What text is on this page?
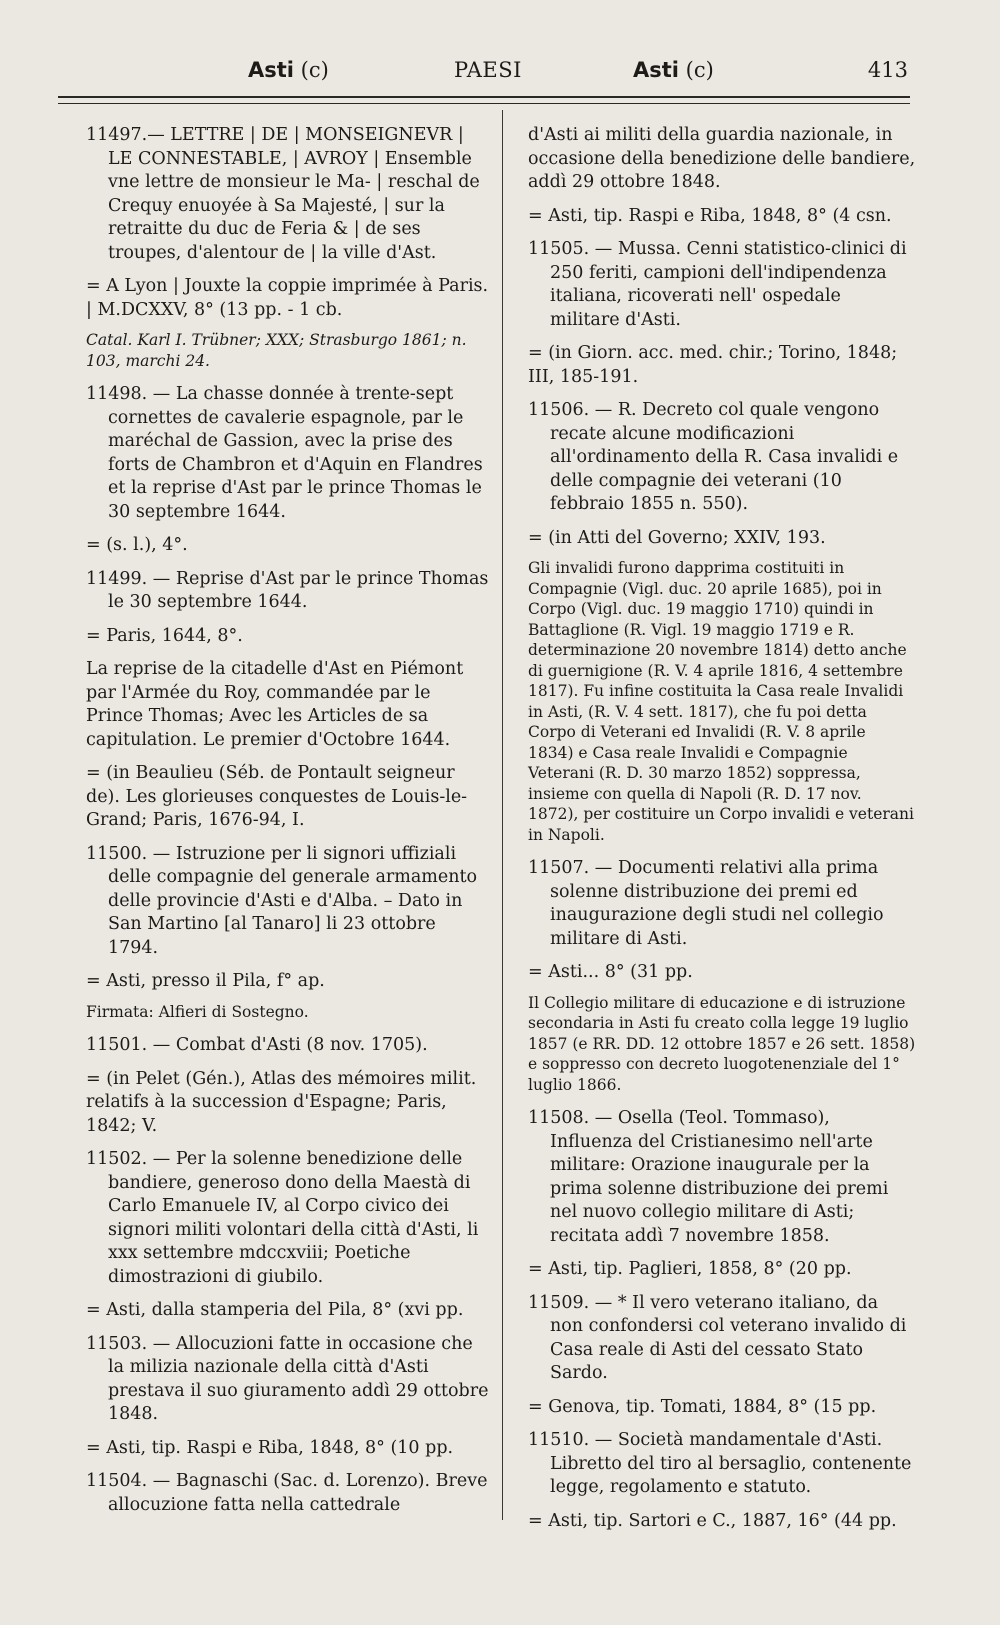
Asti (c)	PAESI	Asti (c)	413

11497.— LETTRE | DE | MONSEIGNEVR | LE CONNESTABLE, | AVROY | Ensemble vne lettre de monsieur le Ma- | reschal de Crequy enuoyée à Sa Majesté, | sur la retraitte du duc de Feria & | de ses troupes, d'alentour de | la ville d'Ast.

= A Lyon | Jouxte la coppie imprimée à Paris. | M.DCXXV, 8° (13 pp. - 1 cb.

Catal. Karl I. Trübner; XXX; Strasburgo 1861; n. 103, marchi 24.

11498. — La chasse donnée à trente-sept cornettes de cavalerie espagnole, par le maréchal de Gassion, avec la prise des forts de Chambron et d'Aquin en Flandres et la reprise d'Ast par le prince Thomas le 30 septembre 1644.

= (s. l.), 4°.

11499. — Reprise d'Ast par le prince Thomas le 30 septembre 1644.

= Paris, 1644, 8°.

La reprise de la citadelle d'Ast en Piémont par l'Armée du Roy, commandée par le Prince Thomas; Avec les Articles de sa capitulation. Le premier d'Octobre 1644.

= (in Beaulieu (Séb. de Pontault seigneur de). Les glorieuses conquestes de Louis-le-Grand; Paris, 1676-94, I.

11500. — Istruzione per li signori uffiziali delle compagnie del generale armamento delle provincie d'Asti e d'Alba. – Dato in San Martino [al Tanaro] li 23 ottobre 1794.

= Asti, presso il Pila, f° ap.

Firmata: Alfieri di Sostegno.

11501. — Combat d'Asti (8 nov. 1705).

= (in Pelet (Gén.), Atlas des mémoires milit. relatifs à la succession d'Espagne; Paris, 1842; V.

11502. — Per la solenne benedizione delle bandiere, generoso dono della Maestà di Carlo Emanuele IV, al Corpo civico dei signori militi volontari della città d'Asti, li xxx settembre mdccxviii; Poetiche dimostrazioni di giubilo.

= Asti, dalla stamperia del Pila, 8° (xvi pp.

11503. — Allocuzioni fatte in occasione che la milizia nazionale della città d'Asti prestava il suo giuramento addì 29 ottobre 1848.

= Asti, tip. Raspi e Riba, 1848, 8° (10 pp.

11504. — Bagnaschi (Sac. d. Lorenzo). Breve allocuzione fatta nella cattedrale

d'Asti ai militi della guardia nazionale, in occasione della benedizione delle bandiere, addì 29 ottobre 1848.

= Asti, tip. Raspi e Riba, 1848, 8° (4 csn.

11505. — Mussa. Cenni statistico-clinici di 250 feriti, campioni dell'indipendenza italiana, ricoverati nell' ospedale militare d'Asti.

= (in Giorn. acc. med. chir.; Torino, 1848; III, 185-191.

11506. — R. Decreto col quale vengono recate alcune modificazioni all'ordinamento della R. Casa invalidi e delle compagnie dei veterani (10 febbraio 1855 n. 550).

= (in Atti del Governo; XXIV, 193.

Gli invalidi furono dapprima costituiti in Compagnie (Vigl. duc. 20 aprile 1685), poi in Corpo (Vigl. duc. 19 maggio 1710) quindi in Battaglione (R. Vigl. 19 maggio 1719 e R. determinazione 20 novembre 1814) detto anche di guernigione (R. V. 4 aprile 1816, 4 settembre 1817). Fu infine costituita la Casa reale Invalidi in Asti, (R. V. 4 sett. 1817), che fu poi detta Corpo di Veterani ed Invalidi (R. V. 8 aprile 1834) e Casa reale Invalidi e Compagnie Veterani (R. D. 30 marzo 1852) soppressa, insieme con quella di Napoli (R. D. 17 nov. 1872), per costituire un Corpo invalidi e veterani in Napoli.

11507. — Documenti relativi alla prima solenne distribuzione dei premi ed inaugurazione degli studi nel collegio militare di Asti.

= Asti... 8° (31 pp.

Il Collegio militare di educazione e di istruzione secondaria in Asti fu creato colla legge 19 luglio 1857 (e RR. DD. 12 ottobre 1857 e 26 sett. 1858) e soppresso con decreto luogotenenziale del 1° luglio 1866.

11508. — Osella (Teol. Tommaso), Influenza del Cristianesimo nell'arte militare: Orazione inaugurale per la prima solenne distribuzione dei premi nel nuovo collegio militare di Asti; recitata addì 7 novembre 1858.

= Asti, tip. Paglieri, 1858, 8° (20 pp.

11509. — * Il vero veterano italiano, da non confondersi col veterano invalido di Casa reale di Asti del cessato Stato Sardo.

= Genova, tip. Tomati, 1884, 8° (15 pp.

11510. — Società mandamentale d'Asti. Libretto del tiro al bersaglio, contenente legge, regolamento e statuto.

= Asti, tip. Sartori e C., 1887, 16° (44 pp.
